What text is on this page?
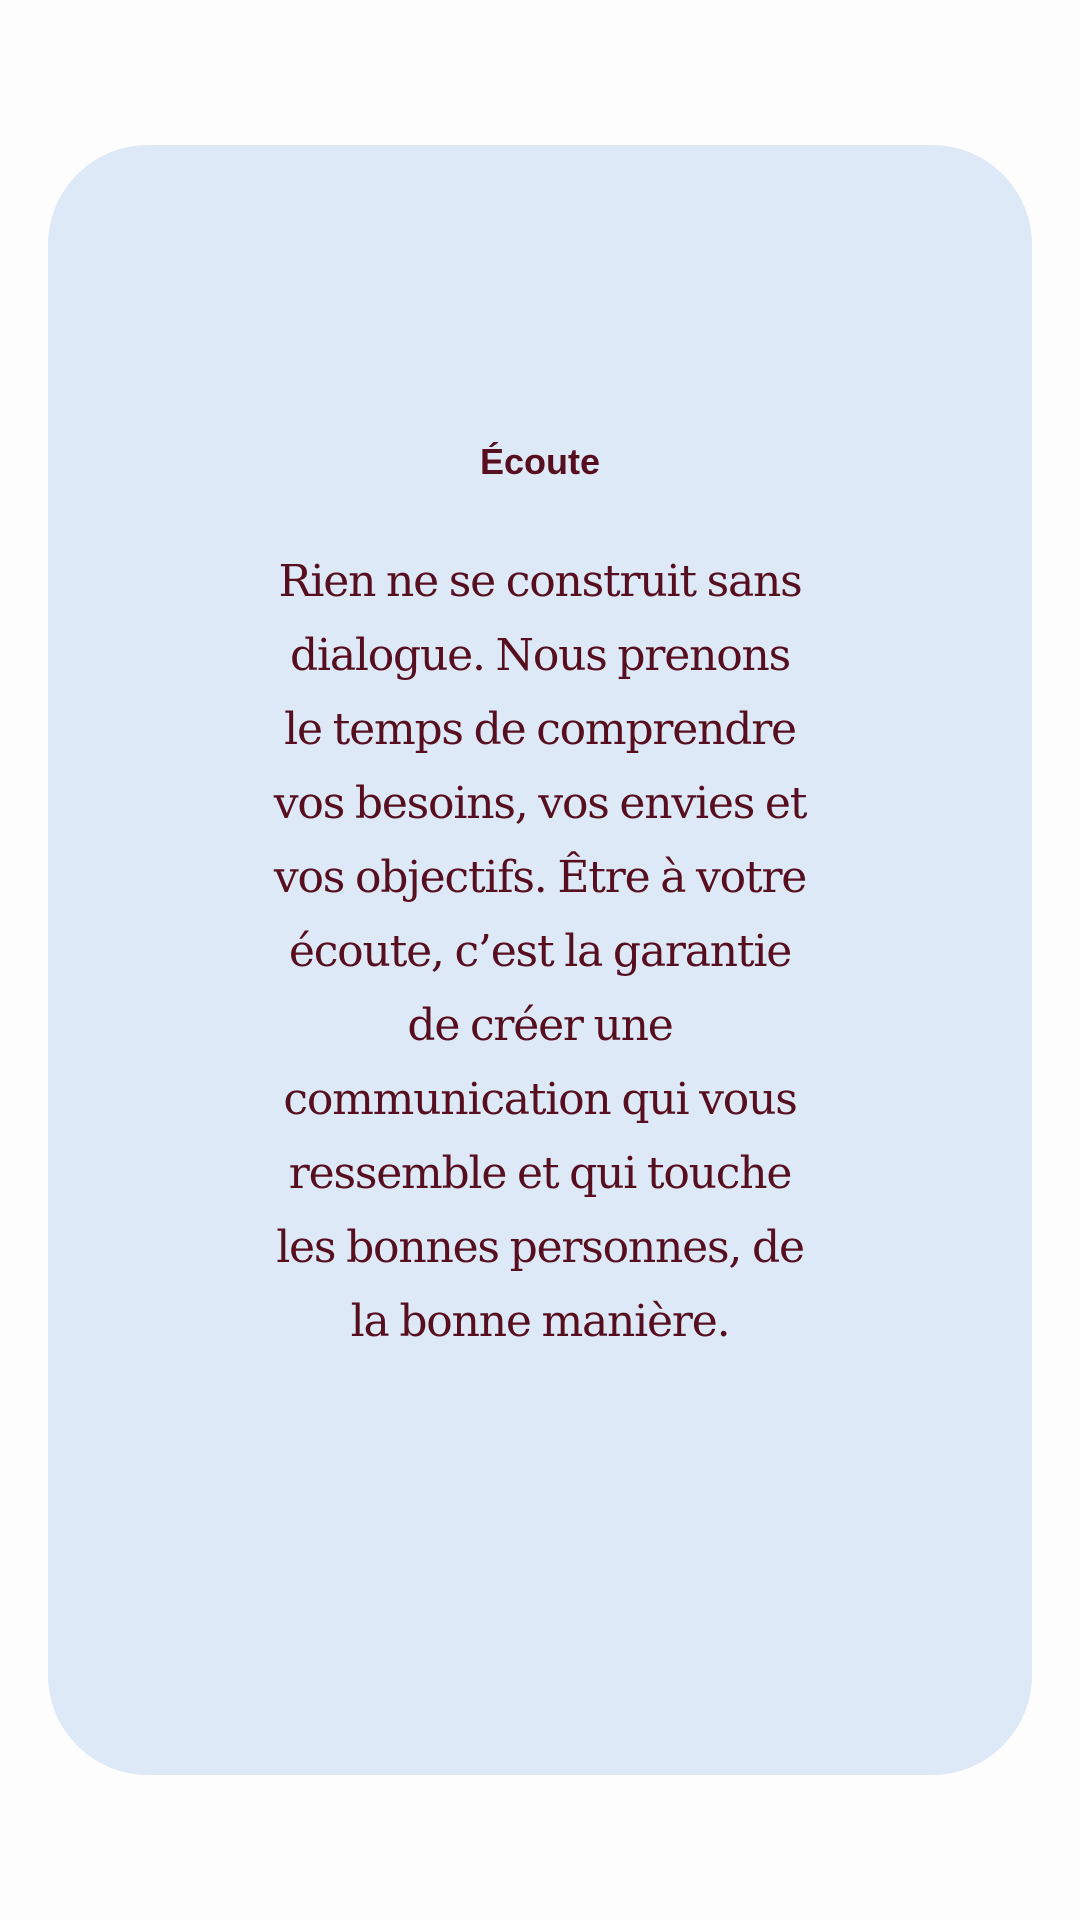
Écoute

Rien ne se construit sans dialogue. Nous prenons le temps de comprendre vos besoins, vos envies et vos objectifs. Être à votre écoute, c’est la garantie de créer une communication qui vous ressemble et qui touche les bonnes personnes, de la bonne manière.
